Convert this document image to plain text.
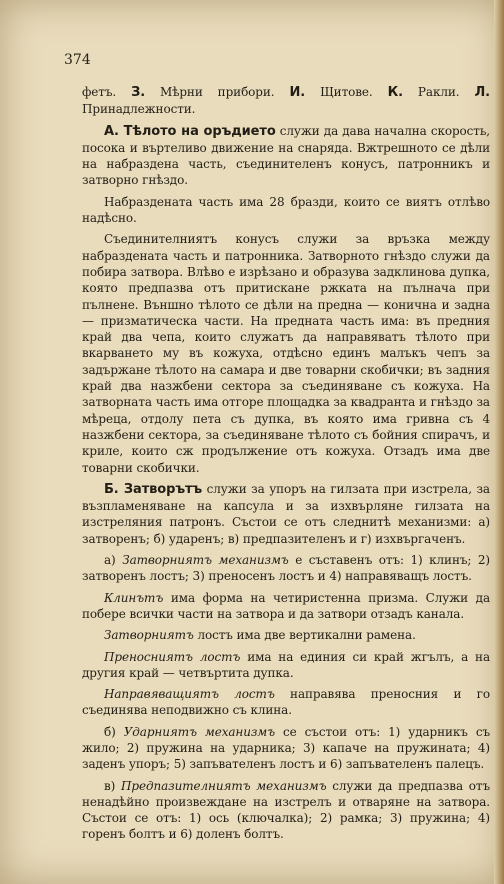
374

фетъ. З. Мѣрни прибори. И. Щитове. К. Ракли. Л. Принадлежности.

А. Тѣлото на оръдието служи да дава начална скорость, посока и въртеливо движение на снаряда. Вжтрешното се дѣли на набраздена часть, съединителенъ конусъ, патронникъ и затворно гнѣздо.

Набраздената часть има 28 бразди, които се виятъ отлѣво надѣсно.

Съединителниятъ конусъ служи за връзка между набраздената часть и патронника. Затворното гнѣздо служи да побира затвора. Влѣво е изрѣзано и образува задклинова дупка, която предпазва отъ притискане ржката на пълнача при пълнене. Външно тѣлото се дѣли на предна — конична и задна — призматическа части. На предната часть има: въ предния край два чепа, които служатъ да направяватъ тѣлото при вкарването му въ кожуха, отдѣсно единъ малъкъ чепъ за задържане тѣлото на самара и две товарни скобички; въ задния край два назжбени сектора за съединяване съ кожуха. На затворната часть има отгоре площадка за квадранта и гнѣздо за мѣреца, отдолу пета съ дупка, въ която има гривна съ 4 назжбени сектора, за съединяване тѣлото съ бойния спирачъ, и криле, които сж продължение отъ кожуха. Отзадъ има две товарни скобички.

Б. Затворътъ служи за упоръ на гилзата при изстрела, за възпламеняване на капсула и за изхвърляне гилзата на изстреляния патронъ. Състои се отъ следнитѣ механизми: а) затворенъ; б) ударенъ; в) предпазителенъ и г) изхвъргаченъ.

а) Затворниятъ механизмъ е съставенъ отъ: 1) клинъ; 2) затворенъ лостъ; 3) преносенъ лостъ и 4) направяващъ лостъ.

Клинътъ има форма на четиристенна призма. Служи да побере всички части на затвора и да затвори отзадъ канала.

Затворниятъ лостъ има две вертикални рамена.

Преносниятъ лостъ има на единия си край жгълъ, а на другия край — четвъртита дупка.

Направяващиятъ лостъ направява преносния и го съединява неподвижно съ клина.

б) Ударниятъ механизмъ се състои отъ: 1) ударникъ съ жило; 2) пружина на ударника; 3) капаче на пружината; 4) заденъ упоръ; 5) запъвателенъ лостъ и 6) запъвателенъ палецъ.

в) Предпазителниятъ механизмъ служи да предпазва отъ ненадѣйно произвеждане на изстрелъ и отваряне на затвора. Състои се отъ: 1) ось (ключалка); 2) рамка; 3) пружина; 4) горенъ болтъ и 6) доленъ болтъ.
